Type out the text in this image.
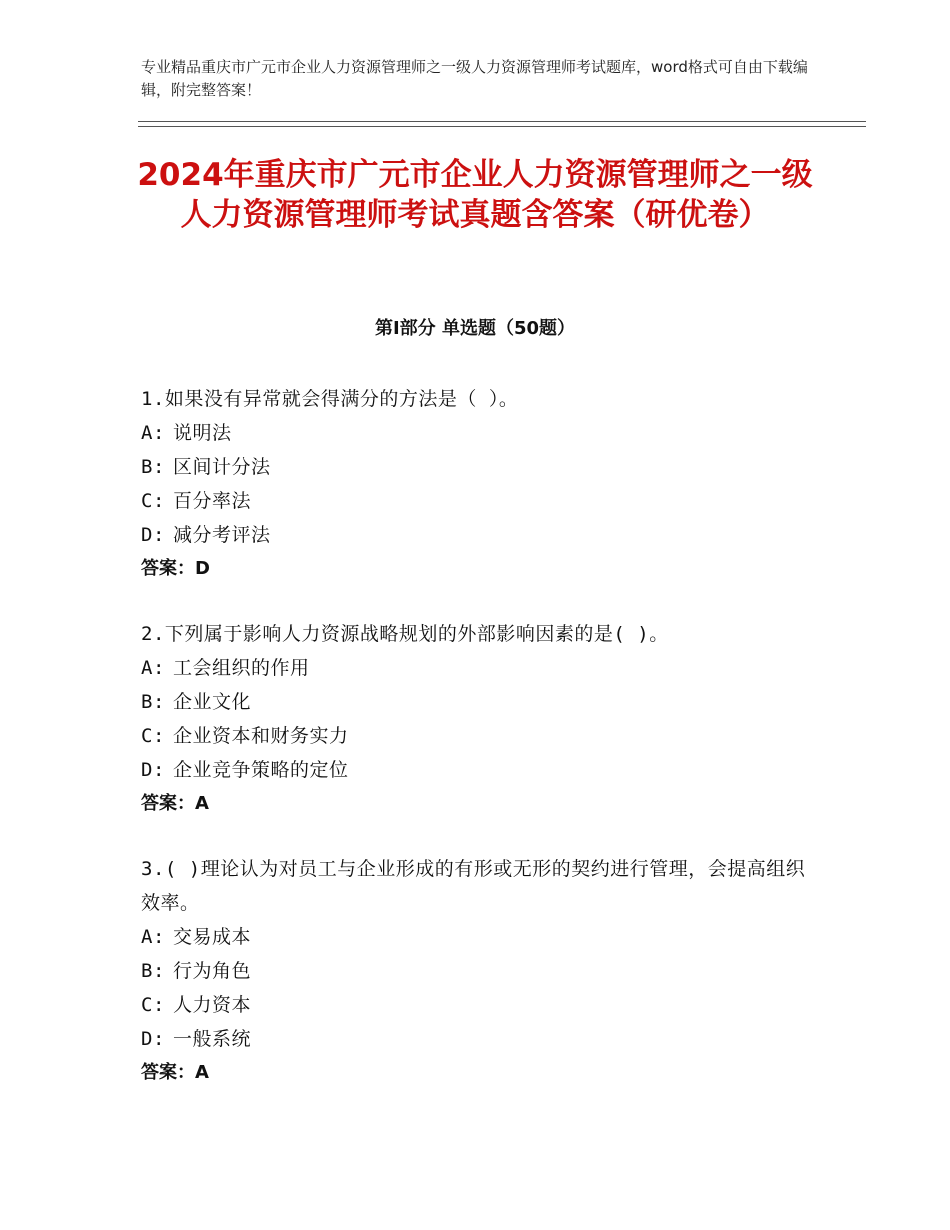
专业精品重庆市广元市企业人力资源管理师之一级人力资源管理师考试题库，word格式可自由下载编辑，附完整答案！
2024年重庆市广元市企业人力资源管理师之一级人力资源管理师考试真题含答案（研优卷）
第Ⅰ部分 单选题（50题）
1.如果没有异常就会得满分的方法是（ ）。
A: 说明法
B: 区间计分法
C: 百分率法
D: 减分考评法
答案：D
2.下列属于影响人力资源战略规划的外部影响因素的是( )。
A: 工会组织的作用
B: 企业文化
C: 企业资本和财务实力
D: 企业竞争策略的定位
答案：A
3.( )理论认为对员工与企业形成的有形或无形的契约进行管理，会提高组织效率。
A: 交易成本
B: 行为角色
C: 人力资本
D: 一般系统
答案：A
